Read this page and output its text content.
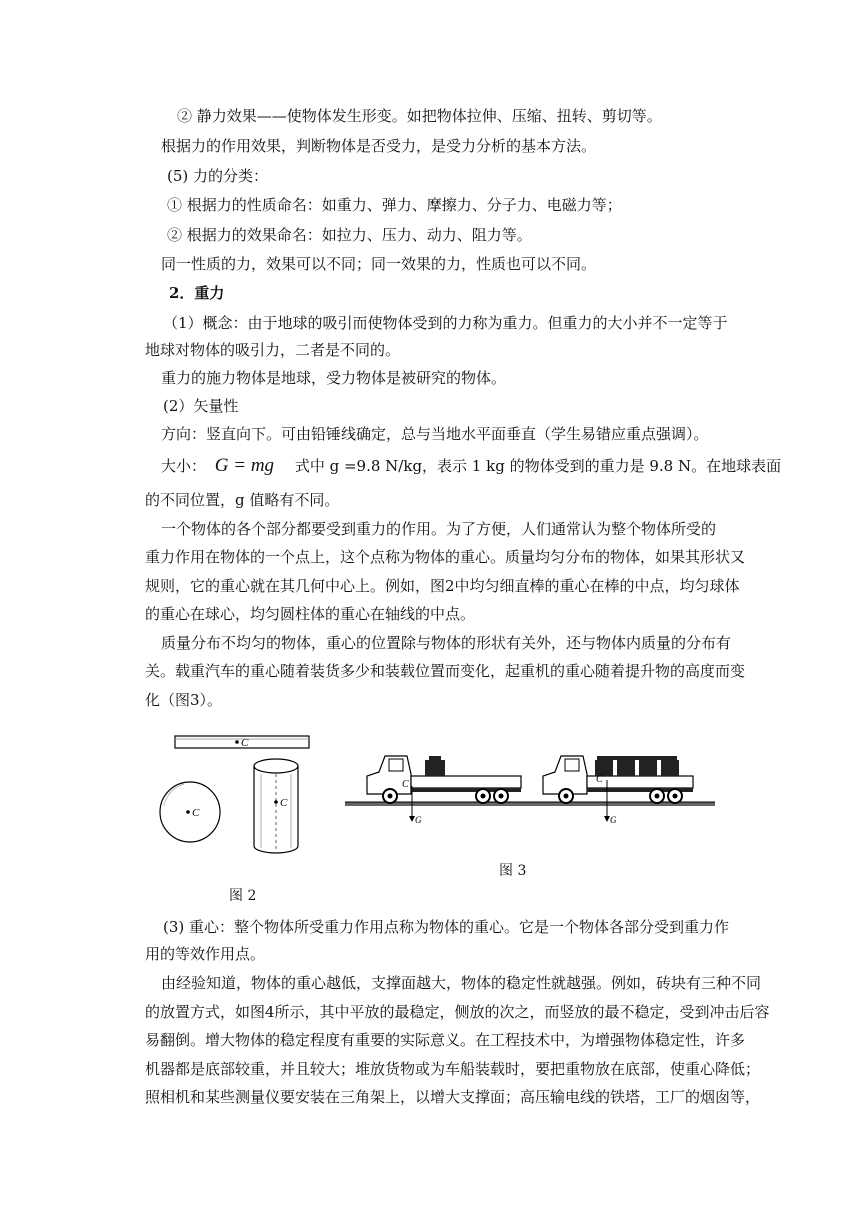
② 静力效果——使物体发生形变。如把物体拉伸、压缩、扭转、剪切等。
根据力的作用效果，判断物体是否受力，是受力分析的基本方法。
(5) 力的分类：
① 根据力的性质命名：如重力、弹力、摩擦力、分子力、电磁力等；
② 根据力的效果命名：如拉力、压力、动力、阻力等。
同一性质的力，效果可以不同；同一效果的力，性质也可以不同。
2．重力
（1）概念：由于地球的吸引而使物体受到的力称为重力。但重力的大小并不一定等于
地球对物体的吸引力，二者是不同的。
重力的施力物体是地球，受力物体是被研究的物体。
(2）矢量性
方向：竖直向下。可由铅锤线确定，总与当地水平面垂直（学生易错应重点强调）。
大小： G = mg 式中 g =9.8 N/kg，表示 1 kg 的物体受到的重力是 9.8 N。在地球表面
的不同位置，g 值略有不同。
一个物体的各个部分都要受到重力的作用。为了方便，人们通常认为整个物体所受的
重力作用在物体的一个点上，这个点称为物体的重心。质量均匀分布的物体，如果其形状又
规则，它的重心就在其几何中心上。例如，图2中均匀细直棒的重心在棒的中点，均匀球体
的重心在球心，均匀圆柱体的重心在轴线的中点。
质量分布不均匀的物体，重心的位置除与物体的形状有关外，还与物体内质量的分布有
关。载重汽车的重心随着装货多少和装载位置而变化，起重机的重心随着提升物的高度而变
化（图3）。
C
C
C
图 2
C
G
C
G
图 3
(3) 重心：整个物体所受重力作用点称为物体的重心。它是一个物体各部分受到重力作
用的等效作用点。
由经验知道，物体的重心越低，支撑面越大，物体的稳定性就越强。例如，砖块有三种不同
的放置方式，如图4所示，其中平放的最稳定，侧放的次之，而竖放的最不稳定，受到冲击后容
易翻倒。增大物体的稳定程度有重要的实际意义。在工程技术中，为增强物体稳定性，许多
机器都是底部较重，并且较大；堆放货物或为车船装载时，要把重物放在底部，使重心降低；
照相机和某些测量仪要安装在三角架上，以增大支撑面；高压输电线的铁塔，工厂的烟囱等，
